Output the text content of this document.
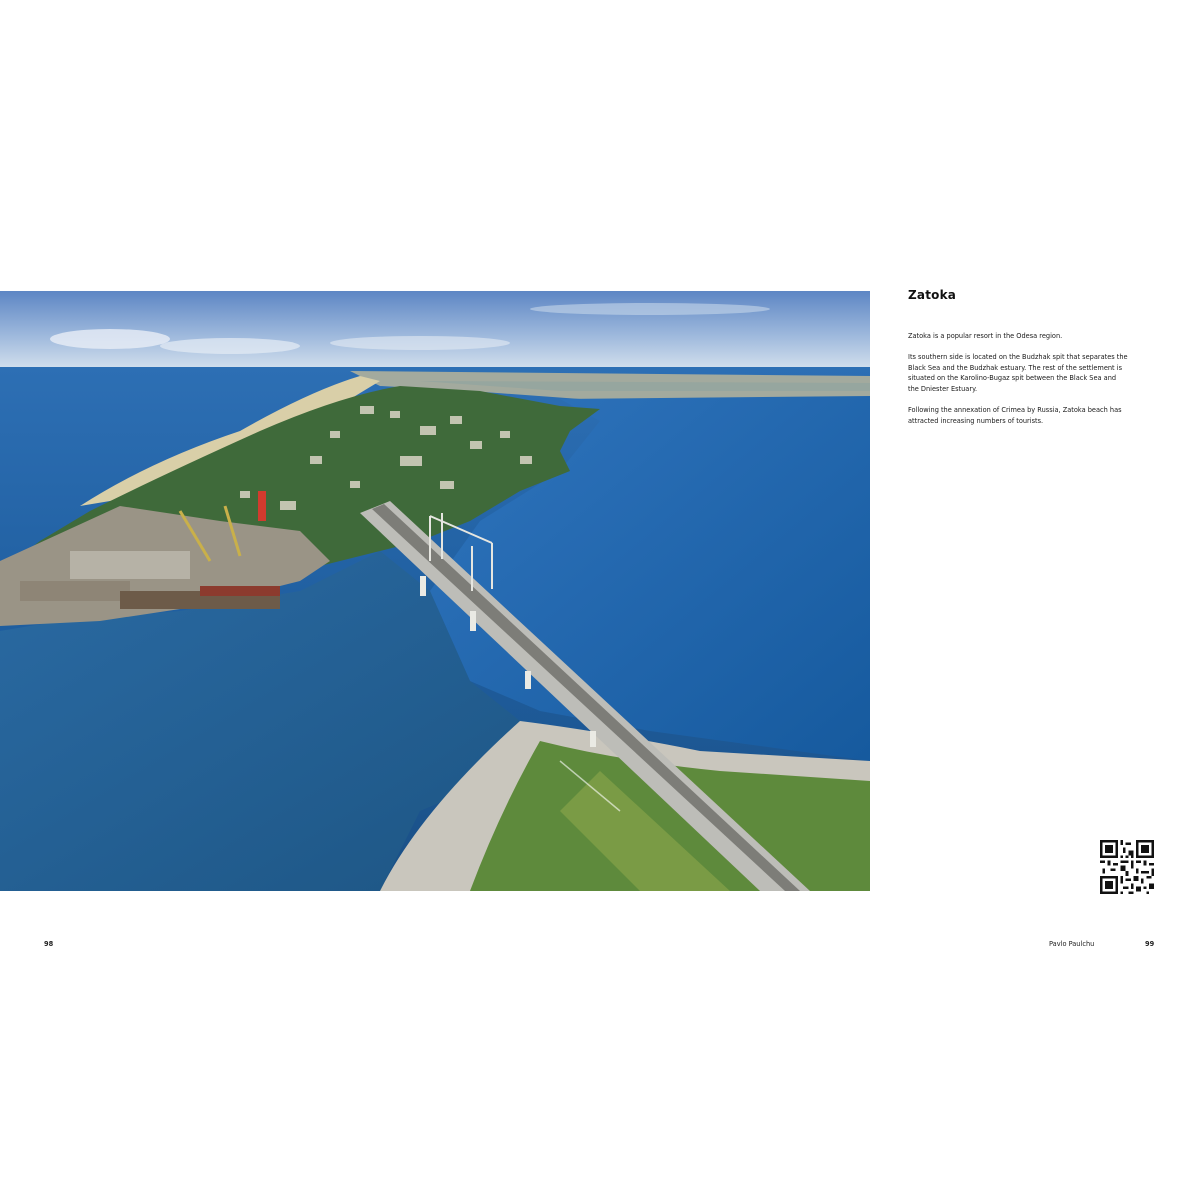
Zatoka

Zatoka is a popular resort in the Odesa region.

Its southern side is located on the Budzhak spit that separates the Black Sea and the Budzhak estuary. The rest of the settlement is situated on the Karolino-Bugaz spit between the Black Sea and the Dniester Estuary.

Following the annexation of Crimea by Russia, Zatoka beach has attracted increasing numbers of tourists.

98	Pavlo Paulchu	99
